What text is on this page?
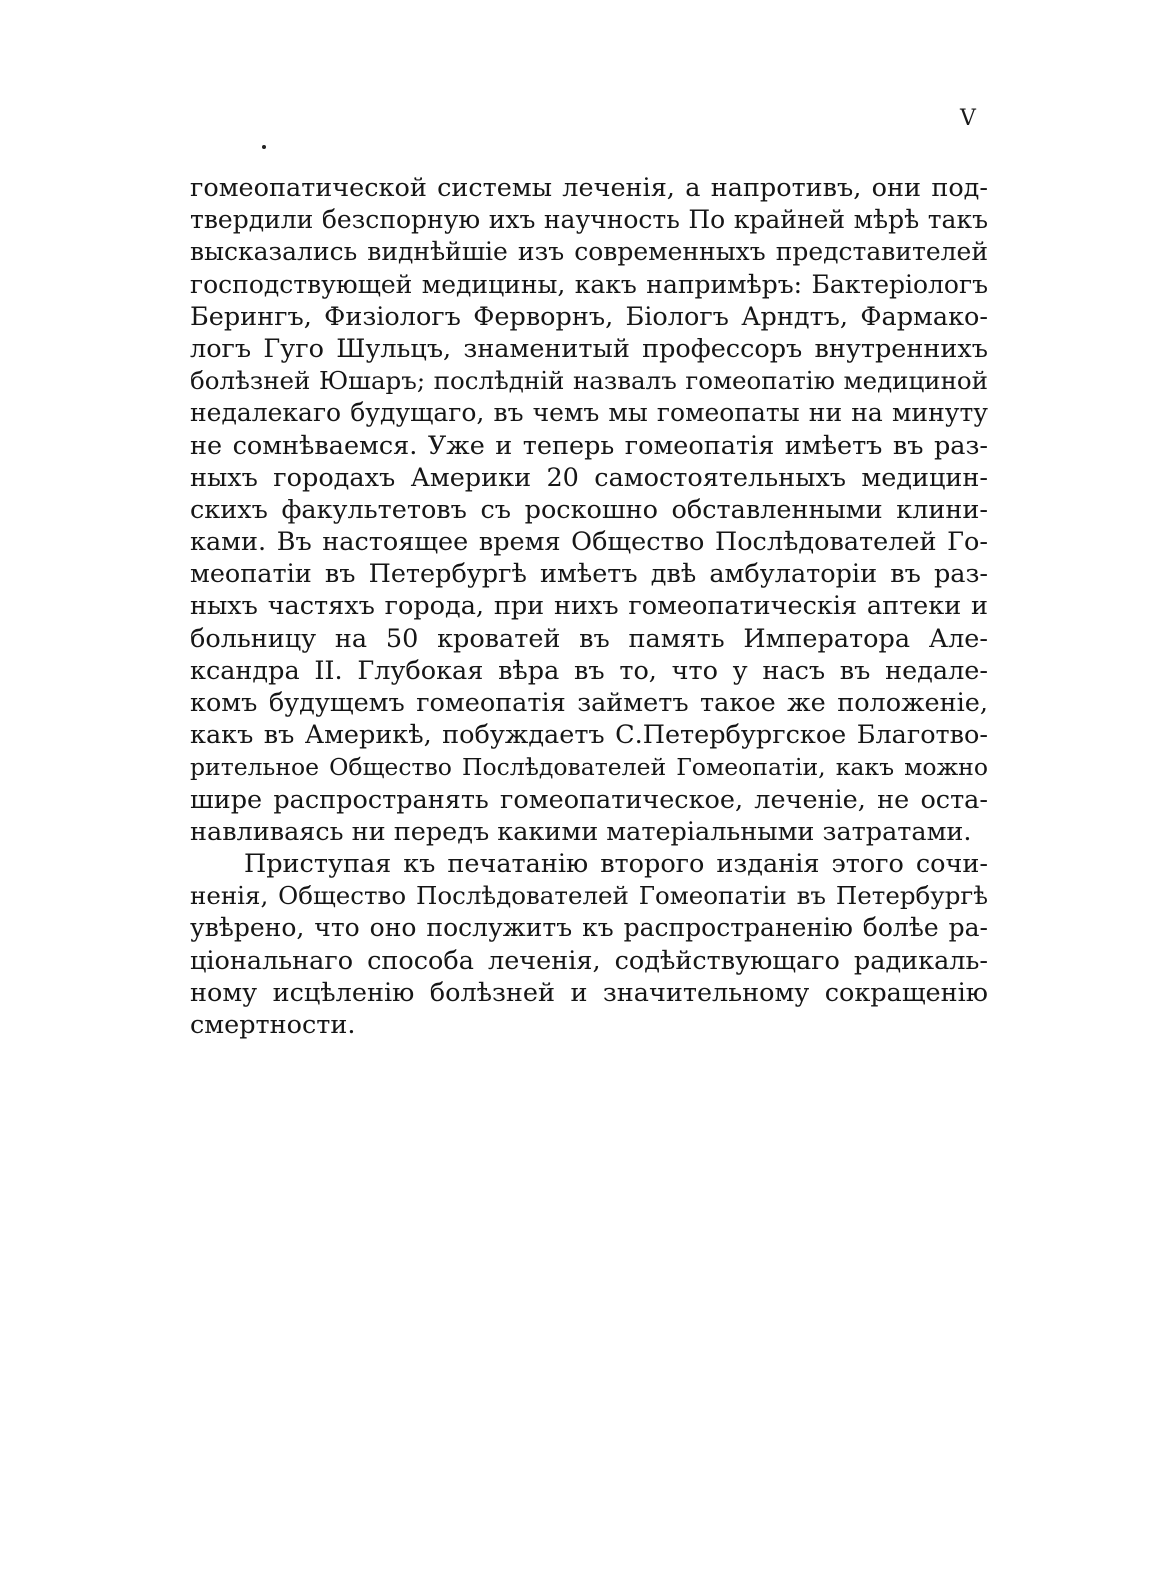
V
гомеопатической системы леченія, а напротивъ, они под-
твердили безспорную ихъ научность По крайней мѣрѣ такъ
высказались виднѣйшіе изъ современныхъ представителей
господствующей медицины, какъ напримѣръ: Бактеріологъ
Берингъ, Физіологъ Ферворнъ, Біологъ Арндтъ, Фармако-
логъ Гуго Шульцъ, знаменитый профессоръ внутреннихъ
болѣзней Юшаръ; послѣдній назвалъ гомеопатію медициной
недалекаго будущаго, въ чемъ мы гомеопаты ни на минуту
не сомнѣваемся. Уже и теперь гомеопатія имѣетъ въ раз-
ныхъ городахъ Америки 20 самостоятельныхъ медицин-
скихъ факультетовъ съ роскошно обставленными клини-
ками. Въ настоящее время Общество Послѣдователей Го-
меопатіи въ Петербургѣ имѣетъ двѣ амбулаторіи въ раз-
ныхъ частяхъ города, при нихъ гомеопатическія аптеки и
больницу на 50 кроватей въ память Императора Але-
ксандра II. Глубокая вѣра въ то, что у насъ въ недале-
комъ будущемъ гомеопатія займетъ такое же положеніе,
какъ въ Америкѣ, побуждаетъ С.Петербургское Благотво-
рительное Общество Послѣдователей Гомеопатіи, какъ можно
шире распространять гомеопатическое, леченіе, не оста-
навливаясь ни передъ какими матеріальными затратами.
Приступая къ печатанію второго изданія этого сочи-
ненія, Общество Послѣдователей Гомеопатіи въ Петербургѣ
увѣрено, что оно послужитъ къ распространенію болѣе ра-
ціональнаго способа леченія, содѣйствующаго радикаль-
ному исцѣленію болѣзней и значительному сокращенію
смертности.
